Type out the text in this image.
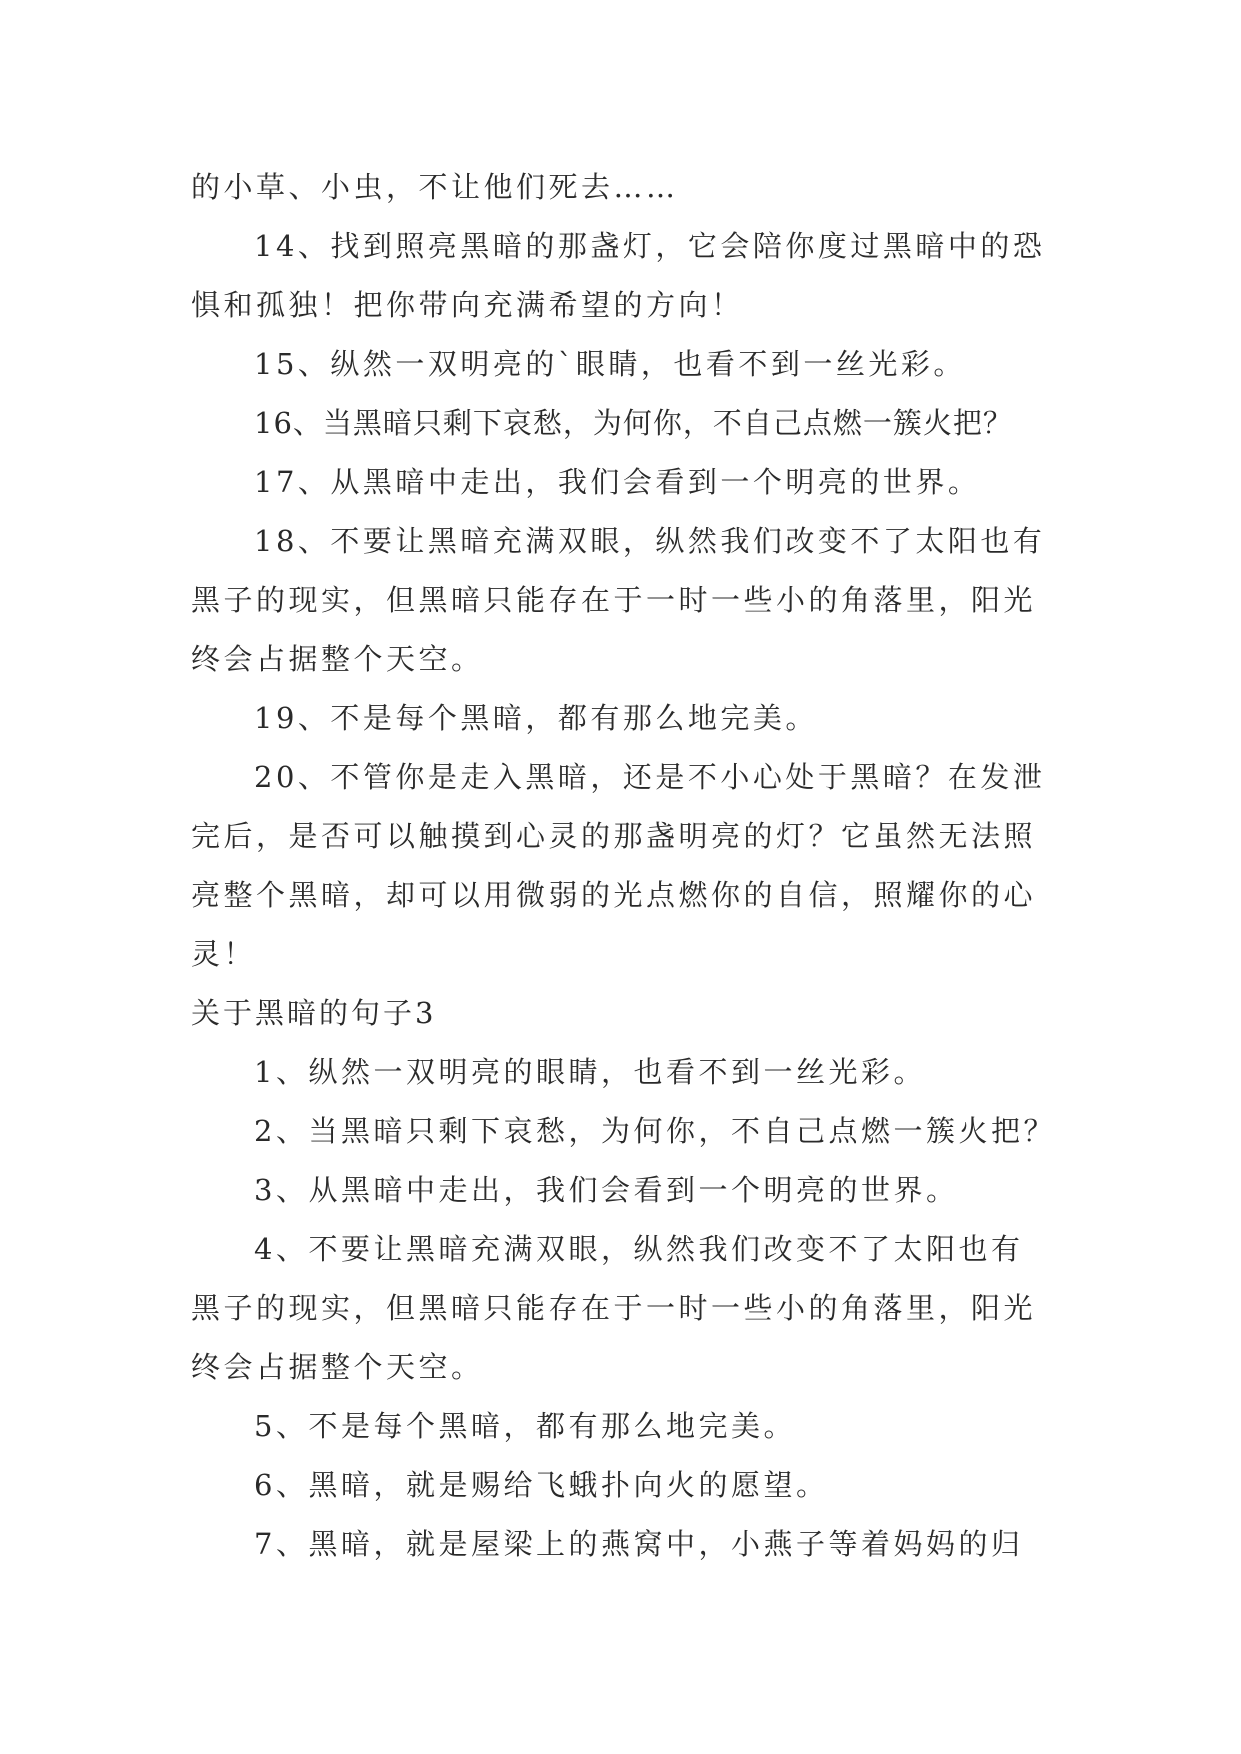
的小草、小虫，不让他们死去……
14、找到照亮黑暗的那盏灯，它会陪你度过黑暗中的恐
惧和孤独！把你带向充满希望的方向！
15、纵然一双明亮的`眼睛，也看不到一丝光彩。
16、当黑暗只剩下哀愁，为何你，不自己点燃一簇火把？
17、从黑暗中走出，我们会看到一个明亮的世界。
18、不要让黑暗充满双眼，纵然我们改变不了太阳也有
黑子的现实，但黑暗只能存在于一时一些小的角落里，阳光
终会占据整个天空。
19、不是每个黑暗，都有那么地完美。
20、不管你是走入黑暗，还是不小心处于黑暗？在发泄
完后，是否可以触摸到心灵的那盏明亮的灯？它虽然无法照
亮整个黑暗，却可以用微弱的光点燃你的自信，照耀你的心
灵！
关于黑暗的句子3
1、纵然一双明亮的眼睛，也看不到一丝光彩。
2、当黑暗只剩下哀愁，为何你，不自己点燃一簇火把？
3、从黑暗中走出，我们会看到一个明亮的世界。
4、不要让黑暗充满双眼，纵然我们改变不了太阳也有
黑子的现实，但黑暗只能存在于一时一些小的角落里，阳光
终会占据整个天空。
5、不是每个黑暗，都有那么地完美。
6、黑暗，就是赐给飞蛾扑向火的愿望。
7、黑暗，就是屋梁上的燕窝中，小燕子等着妈妈的归
